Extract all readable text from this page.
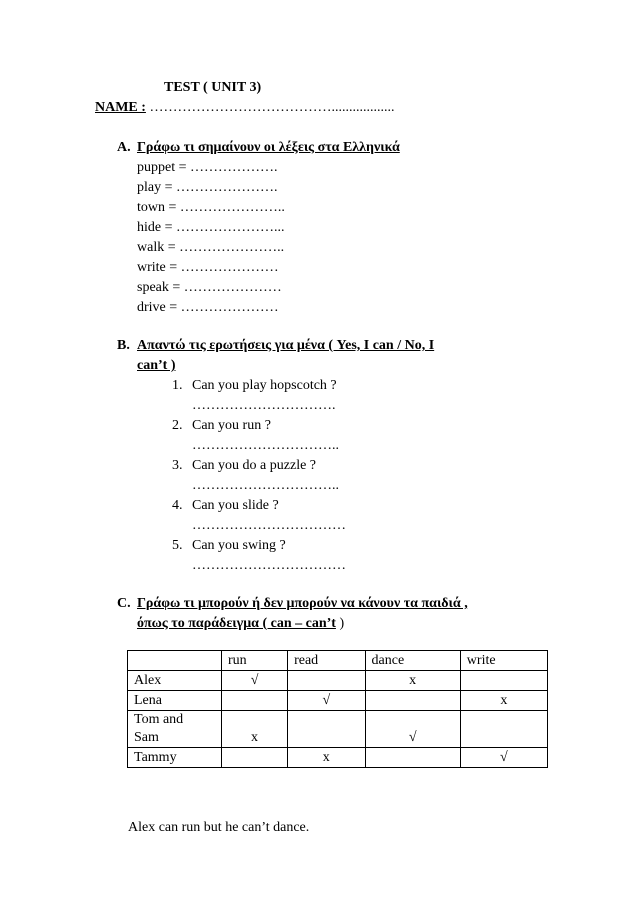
TEST ( UNIT 3)
NAME : …………………………………..................
A. Γράφω τι σημαίνουν οι λέξεις στα Ελληνικά
puppet = ……………….
play = ………………….
town = …………………..
hide = …………………...
walk = …………………..
write = …………………
speak = …………………
drive = …………………
B. Απαντώ τις ερωτήσεις για μένα ( Yes, I can / No, I
can’t )
1. Can you play hopscotch ?
………………………….
2. Can you run ?
…………………………..
3. Can you do a puzzle ?
…………………………..
4. Can you slide ?
……………………………
5. Can you swing ?
……………………………
C. Γράφω τι μπορούν ή δεν μπορούν να κάνουν τα παιδιά ,
όπως το παράδειγμα ( can – can’t )
	run	read	dance	write
Alex	√		x	
Lena		√		x

Tom and
Sam	x		√	
Tammy		x		√
Alex can run but he can’t dance.
